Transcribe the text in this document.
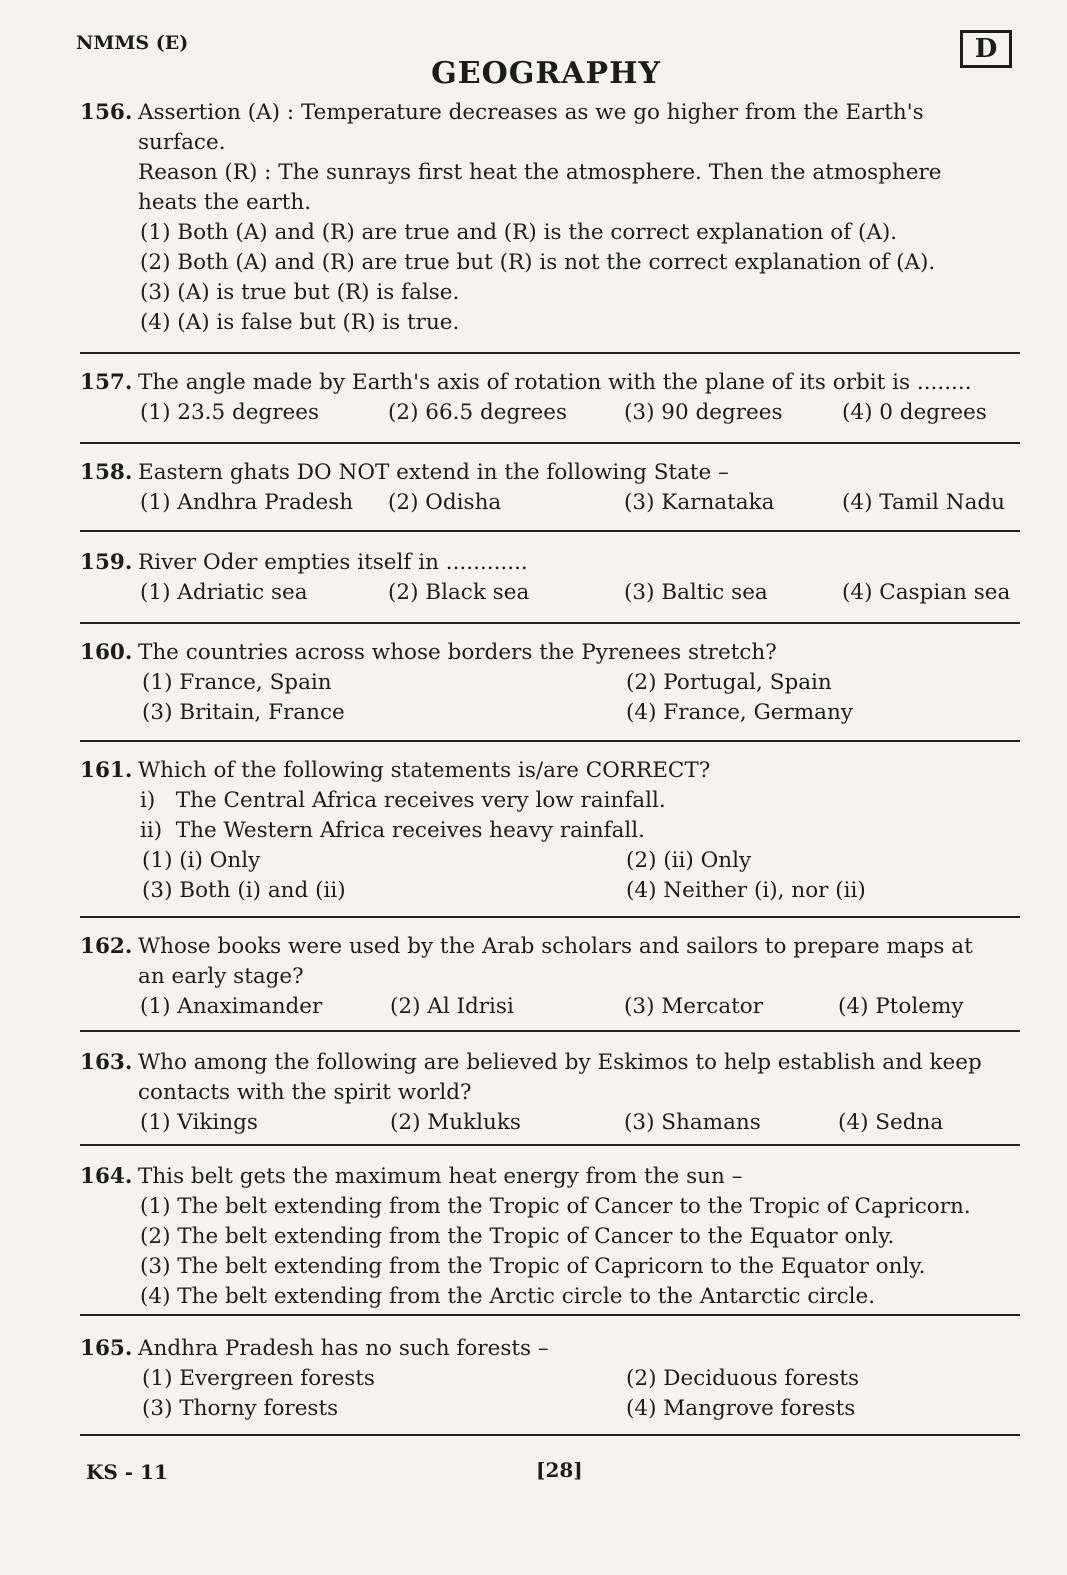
NMMS (E)	D
GEOGRAPHY
156. Assertion (A) : Temperature decreases as we go higher from the Earth's
surface.
Reason (R) : The sunrays first heat the atmosphere. Then the atmosphere
heats the earth.
(1) Both (A) and (R) are true and (R) is the correct explanation of (A).
(2) Both (A) and (R) are true but (R) is not the correct explanation of (A).
(3) (A) is true but (R) is false.
(4) (A) is false but (R) is true.
157. The angle made by Earth's axis of rotation with the plane of its orbit is ........
(1) 23.5 degrees	(2) 66.5 degrees	(3) 90 degrees	(4) 0 degrees
158. Eastern ghats DO NOT extend in the following State –
(1) Andhra Pradesh	(2) Odisha	(3) Karnataka	(4) Tamil Nadu
159. River Oder empties itself in ............
(1) Adriatic sea	(2) Black sea	(3) Baltic sea	(4) Caspian sea
160. The countries across whose borders the Pyrenees stretch?
(1) France, Spain	(2) Portugal, Spain
(3) Britain, France	(4) France, Germany
161. Which of the following statements is/are CORRECT?
i)   The Central Africa receives very low rainfall.
ii)  The Western Africa receives heavy rainfall.
(1) (i) Only	(2) (ii) Only
(3) Both (i) and (ii)	(4) Neither (i), nor (ii)
162. Whose books were used by the Arab scholars and sailors to prepare maps at
an early stage?
(1) Anaximander	(2) Al Idrisi	(3) Mercator	(4) Ptolemy
163. Who among the following are believed by Eskimos to help establish and keep
contacts with the spirit world?
(1) Vikings	(2) Mukluks	(3) Shamans	(4) Sedna
164. This belt gets the maximum heat energy from the sun –
(1) The belt extending from the Tropic of Cancer to the Tropic of Capricorn.
(2) The belt extending from the Tropic of Cancer to the Equator only.
(3) The belt extending from the Tropic of Capricorn to the Equator only.
(4) The belt extending from the Arctic circle to the Antarctic circle.
165. Andhra Pradesh has no such forests –
(1) Evergreen forests	(2) Deciduous forests
(3) Thorny forests	(4) Mangrove forests
KS - 11	[28]
